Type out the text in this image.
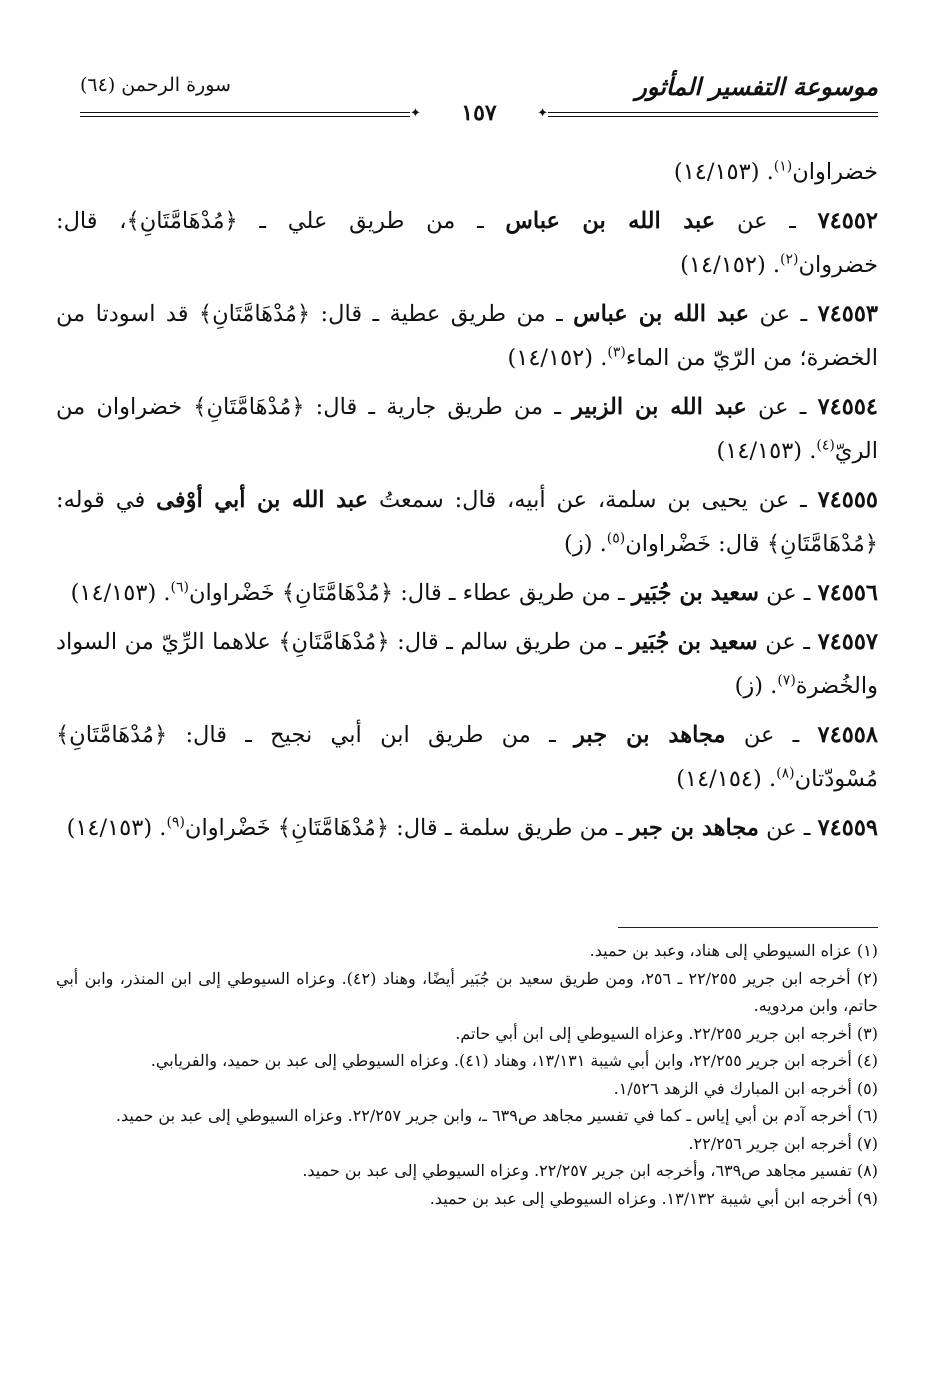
موسوعة التفسير المأثور
سورة الرحمن (٦٤)
✦
✦ ١٥٧

خضراوان$^{(١)}$. (١٤/١٥٣)

٧٤٥٥٢ ـ عن عبد الله بن عباس ـ من طريق علي ـ ﴿مُدْهَامَّتَانِ﴾، قال: خضروان$^{(٢)}$. (١٤/١٥٢)

٧٤٥٥٣ ـ عن عبد الله بن عباس ـ من طريق عطية ـ قال: ﴿مُدْهَامَّتَانِ﴾ قد اسودتا من الخضرة؛ من الرّيّ من الماء$^{(٣)}$. (١٤/١٥٢)

٧٤٥٥٤ ـ عن عبد الله بن الزبير ـ من طريق جارية ـ قال: ﴿مُدْهَامَّتَانِ﴾ خضراوان من الريّ$^{(٤)}$. (١٤/١٥٣)

٧٤٥٥٥ ـ عن يحيى بن سلمة، عن أبيه، قال: سمعتُ عبد الله بن أبي أوْفى في قوله: ﴿مُدْهَامَّتَانِ﴾ قال: خَضْراوان$^{(٥)}$. (ز)

٧٤٥٥٦ ـ عن سعيد بن جُبَير ـ من طريق عطاء ـ قال: ﴿مُدْهَامَّتَانِ﴾ خَضْراوان$^{(٦)}$. (١٤/١٥٣)

٧٤٥٥٧ ـ عن سعيد بن جُبَير ـ من طريق سالم ـ قال: ﴿مُدْهَامَّتَانِ﴾ علاهما الرِّيّ من السواد والخُضرة$^{(٧)}$. (ز)

٧٤٥٥٨ ـ عن مجاهد بن جبر ـ من طريق ابن أبي نجيح ـ قال: ﴿مُدْهَامَّتَانِ﴾ مُسْودّتان$^{(٨)}$. (١٤/١٥٤)

٧٤٥٥٩ ـ عن مجاهد بن جبر ـ من طريق سلمة ـ قال: ﴿مُدْهَامَّتَانِ﴾ خَضْراوان$^{(٩)}$. (١٤/١٥٣)

(١) عزاه السيوطي إلى هناد، وعبد بن حميد.

(٢) أخرجه ابن جرير ٢٢/٢٥٥ ـ ٢٥٦، ومن طريق سعيد بن جُبَير أيضًا، وهناد (٤٢). وعزاه السيوطي إلى ابن المنذر، وابن أبي حاتم، وابن مردويه.

(٣) أخرجه ابن جرير ٢٢/٢٥٥. وعزاه السيوطي إلى ابن أبي حاتم.

(٤) أخرجه ابن جرير ٢٢/٢٥٥، وابن أبي شيبة ١٣/١٣١، وهناد (٤١). وعزاه السيوطي إلى عبد بن حميد، والفريابي.

(٥) أخرجه ابن المبارك في الزهد ١/٥٢٦.

(٦) أخرجه آدم بن أبي إياس ـ كما في تفسير مجاهد ص٦٣٩ ـ، وابن جرير ٢٢/٢٥٧. وعزاه السيوطي إلى عبد بن حميد.

(٧) أخرجه ابن جرير ٢٢/٢٥٦.

(٨) تفسير مجاهد ص٦٣٩، وأخرجه ابن جرير ٢٢/٢٥٧. وعزاه السيوطي إلى عبد بن حميد.

(٩) أخرجه ابن أبي شيبة ١٣/١٣٢. وعزاه السيوطي إلى عبد بن حميد.
